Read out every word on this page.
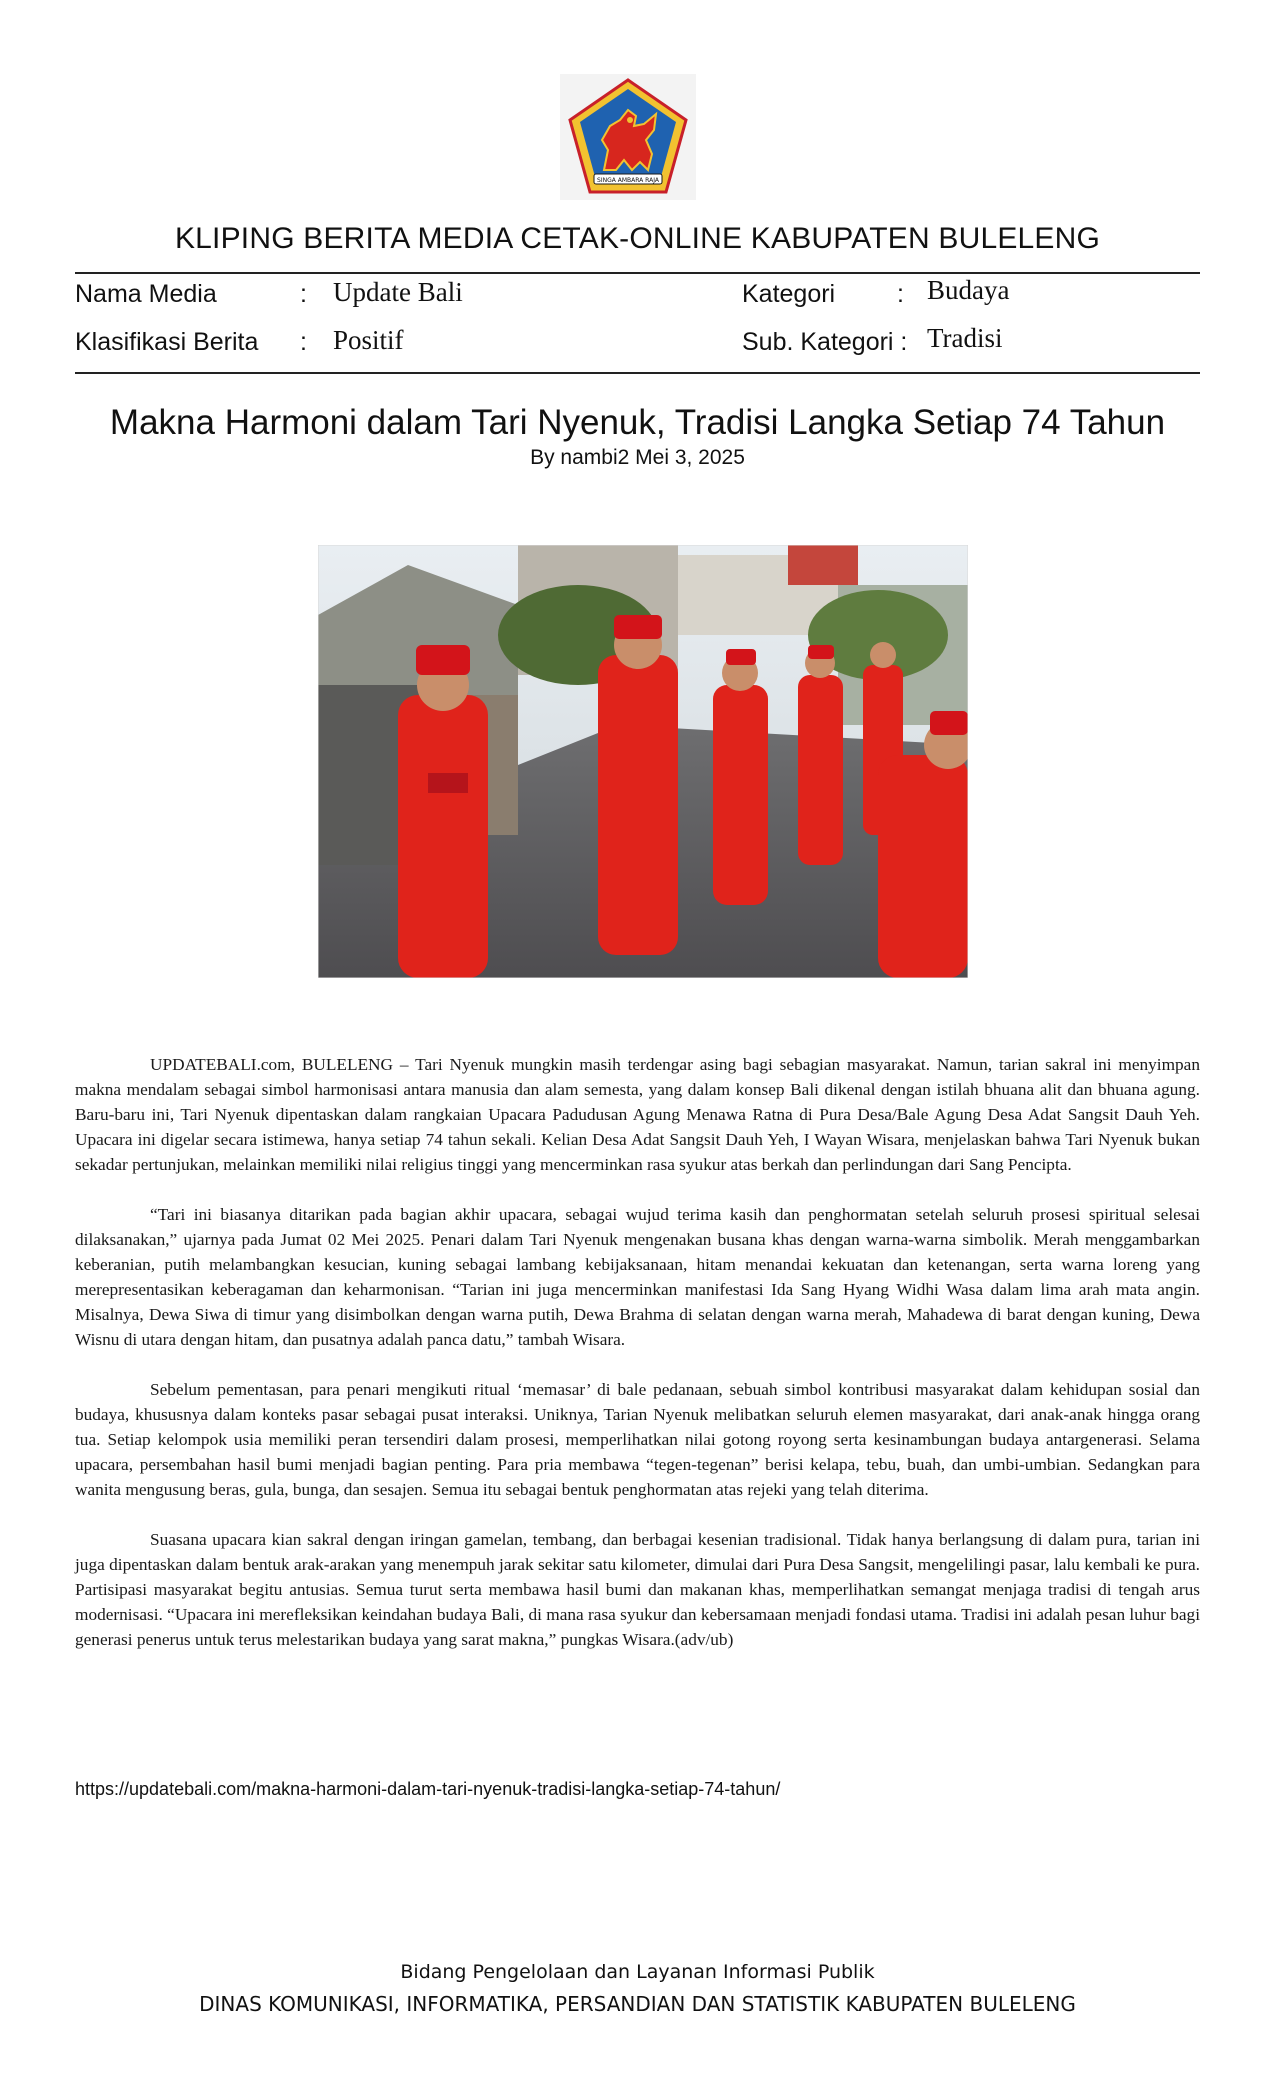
SINGA AMBARA RAJA
KLIPING BERITA MEDIA CETAK-ONLINE KABUPATEN BULELENG
Nama Media	: Update Bali
Klasifikasi Berita : Positif
Kategori : Budaya
Sub. Kategori : Tradisi
Makna Harmoni dalam Tari Nyenuk, Tradisi Langka Setiap 74 Tahun
By nambi2 Mei 3, 2025

UPDATEBALI.com, BULELENG – Tari Nyenuk mungkin masih terdengar asing bagi sebagian masyarakat. Namun, tarian sakral ini menyimpan makna mendalam sebagai simbol harmonisasi antara manusia dan alam semesta, yang dalam konsep Bali dikenal dengan istilah bhuana alit dan bhuana agung. Baru-baru ini, Tari Nyenuk dipentaskan dalam rangkaian Upacara Padudusan Agung Menawa Ratna di Pura Desa/Bale Agung Desa Adat Sangsit Dauh Yeh. Upacara ini digelar secara istimewa, hanya setiap 74 tahun sekali. Kelian Desa Adat Sangsit Dauh Yeh, I Wayan Wisara, menjelaskan bahwa Tari Nyenuk bukan sekadar pertunjukan, melainkan memiliki nilai religius tinggi yang mencerminkan rasa syukur atas berkah dan perlindungan dari Sang Pencipta.

“Tari ini biasanya ditarikan pada bagian akhir upacara, sebagai wujud terima kasih dan penghormatan setelah seluruh prosesi spiritual selesai dilaksanakan,” ujarnya pada Jumat 02 Mei 2025. Penari dalam Tari Nyenuk mengenakan busana khas dengan warna-warna simbolik. Merah menggambarkan keberanian, putih melambangkan kesucian, kuning sebagai lambang kebijaksanaan, hitam menandai kekuatan dan ketenangan, serta warna loreng yang merepresentasikan keberagaman dan keharmonisan. “Tarian ini juga mencerminkan manifestasi Ida Sang Hyang Widhi Wasa dalam lima arah mata angin. Misalnya, Dewa Siwa di timur yang disimbolkan dengan warna putih, Dewa Brahma di selatan dengan warna merah, Mahadewa di barat dengan kuning, Dewa Wisnu di utara dengan hitam, dan pusatnya adalah panca datu,” tambah Wisara.

Sebelum pementasan, para penari mengikuti ritual ‘memasar’ di bale pedanaan, sebuah simbol kontribusi masyarakat dalam kehidupan sosial dan budaya, khususnya dalam konteks pasar sebagai pusat interaksi. Uniknya, Tarian Nyenuk melibatkan seluruh elemen masyarakat, dari anak-anak hingga orang tua. Setiap kelompok usia memiliki peran tersendiri dalam prosesi, memperlihatkan nilai gotong royong serta kesinambungan budaya antargenerasi. Selama upacara, persembahan hasil bumi menjadi bagian penting. Para pria membawa “tegen-tegenan” berisi kelapa, tebu, buah, dan umbi-umbian. Sedangkan para wanita mengusung beras, gula, bunga, dan sesajen. Semua itu sebagai bentuk penghormatan atas rejeki yang telah diterima.

Suasana upacara kian sakral dengan iringan gamelan, tembang, dan berbagai kesenian tradisional. Tidak hanya berlangsung di dalam pura, tarian ini juga dipentaskan dalam bentuk arak-arakan yang menempuh jarak sekitar satu kilometer, dimulai dari Pura Desa Sangsit, mengelilingi pasar, lalu kembali ke pura. Partisipasi masyarakat begitu antusias. Semua turut serta membawa hasil bumi dan makanan khas, memperlihatkan semangat menjaga tradisi di tengah arus modernisasi. “Upacara ini merefleksikan keindahan budaya Bali, di mana rasa syukur dan kebersamaan menjadi fondasi utama. Tradisi ini adalah pesan luhur bagi generasi penerus untuk terus melestarikan budaya yang sarat makna,” pungkas Wisara.(adv/ub)

https://updatebali.com/makna-harmoni-dalam-tari-nyenuk-tradisi-langka-setiap-74-tahun/
Bidang Pengelolaan dan Layanan Informasi Publik
DINAS KOMUNIKASI, INFORMATIKA, PERSANDIAN DAN STATISTIK KABUPATEN BULELENG
